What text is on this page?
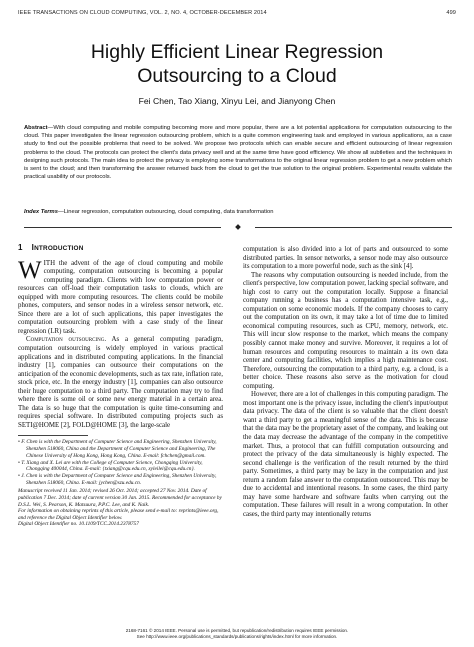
IEEE TRANSACTIONS ON CLOUD COMPUTING, VOL. 2, NO. 4, OCTOBER-DECEMBER 2014	499
Highly Efficient Linear Regression
Outsourcing to a Cloud
Fei Chen, Tao Xiang, Xinyu Lei, and Jianyong Chen
Abstract—With cloud computing and mobile computing becoming more and more popular, there are a lot potential applications for computation outsourcing to the cloud. This paper investigates the linear regression outsourcing problem, which is a quite common engineering task and employed in various applications, as a case study to find out the possible problems that need to be solved. We propose two protocols which can enable secure and efficient outsourcing of linear regression problems to the cloud. The protocols can protect the client's data privacy well and at the same time have good efficiency. We show all subtleties and the techniques in designing such protocols. The main idea to protect the privacy is employing some transformations to the original linear regression problem to get a new problem which is sent to the cloud; and then transforming the answer returned back from the cloud to get the true solution to the original problem. Experimental results validate the practical usability of our protocols.
Index Terms—Linear regression, computation outsourcing, cloud computing, data transformation
1 INTRODUCTION

WITH the advent of the age of cloud computing and mobile computing, computation outsourcing is becoming a popular computing paradigm. Clients with low computation power or resources can off-load their computation tasks to clouds, which are equipped with more computing resources. The clients could be mobile phones, computers, and sensor nodes in a wireless sensor network, etc. Since there are a lot of such applications, this paper investigates the computation outsourcing problem with a case study of the linear regression (LR) task.

Computation outsourcing. As a general computing paradigm, computation outsourcing is widely employed in various practical applications and in distributed computing applications. In the financial industry [1], companies can outsource their computations on the anticipation of the economic developments, such as tax rate, inflation rate, stock price, etc. In the energy industry [1], companies can also outsource their huge computation to a third party. The computation may try to find where there is some oil or some new energy material in a certain area. The data is so huge that the computation is quite time-consuming and requires special software. In distributed computing projects such as SETI@HOME [2], FOLD@HOME [3], the large-scale

• F. Chen is with the Department of Computer Science and Engineering, Shenzhen University, Shenzhen 518060, China and the Department of Computer Science and Engineering, The Chinese University of Hong Kong, Hong Kong, China. E-mail: fchchen@gmail.com.
• T. Xiang and X. Lei are with the College of Computer Science, Chongqing University, Chongqing 400044, China. E-mail: {txiang@cqu.edu.cn, xyleilei@cqu.edu.cn}.
• J. Chen is with the Department of Computer Science and Engineering, Shenzhen University, Shenzhen 518060, China. E-mail: jychen@szu.edu.cn.
Manuscript received 11 Jan. 2014; revised 26 Oct. 2014; accepted 27 Nov. 2014. Date of publication 7 Dec. 2014; date of current version 30 Jan. 2015. Recommended for acceptance by D.S.L. Wei, S. Pearson, K. Matsuura, P.P.C. Lee, and K. Naik.
For information on obtaining reprints of this article, please send e-mail to: reprints@ieee.org, and reference the Digital Object Identifier below.
Digital Object Identifier no. 10.1109/TCC.2014.2378757

computation is also divided into a lot of parts and outsourced to some distributed parties. In sensor networks, a sensor node may also outsource its computation to a more powerful node, such as the sink [4].

The reasons why computation outsourcing is needed include, from the client's perspective, low computation power, lacking special software, and high cost to carry out the computation locally. Suppose a financial company running a business has a computation intensive task, e.g., computation on some economic models. If the company chooses to carry out the computation on its own, it may take a lot of time due to limited economical computing resources, such as CPU, memory, network, etc. This will incur slow response to the market, which means the company possibly cannot make money and survive. Moreover, it requires a lot of human resources and computing resources to maintain a its own data center and computing facilities, which implies a high maintenance cost. Therefore, outsourcing the computation to a third party, e.g. a cloud, is a better choice. These reasons also serve as the motivation for cloud computing.

However, there are a lot of challenges in this computing paradigm. The most important one is the privacy issue, including the client's input/output data privacy. The data of the client is so valuable that the client doesn't want a third party to get a meaningful sense of the data. This is because that the data may be the proprietary asset of the company, and leaking out the data may decrease the advantage of the company in the competitive market. Thus, a protocol that can fulfill computation outsourcing and protect the privacy of the data simultaneously is highly expected. The second challenge is the verification of the result returned by the third party. Sometimes, a third party may be lazy in the computation and just return a random false answer to the computation outsourced. This may be due to accidental and intentional reasons. In some cases, the third party may have some hardware and software faults when carrying out the computation. These failures will result in a wrong computation. In other cases, the third party may intentionally returns

2168-7161 © 2014 IEEE. Personal use is permitted, but republication/redistribution requires IEEE permission.
See http://www.ieee.org/publications_standards/publications/rights/index.html for more information.
